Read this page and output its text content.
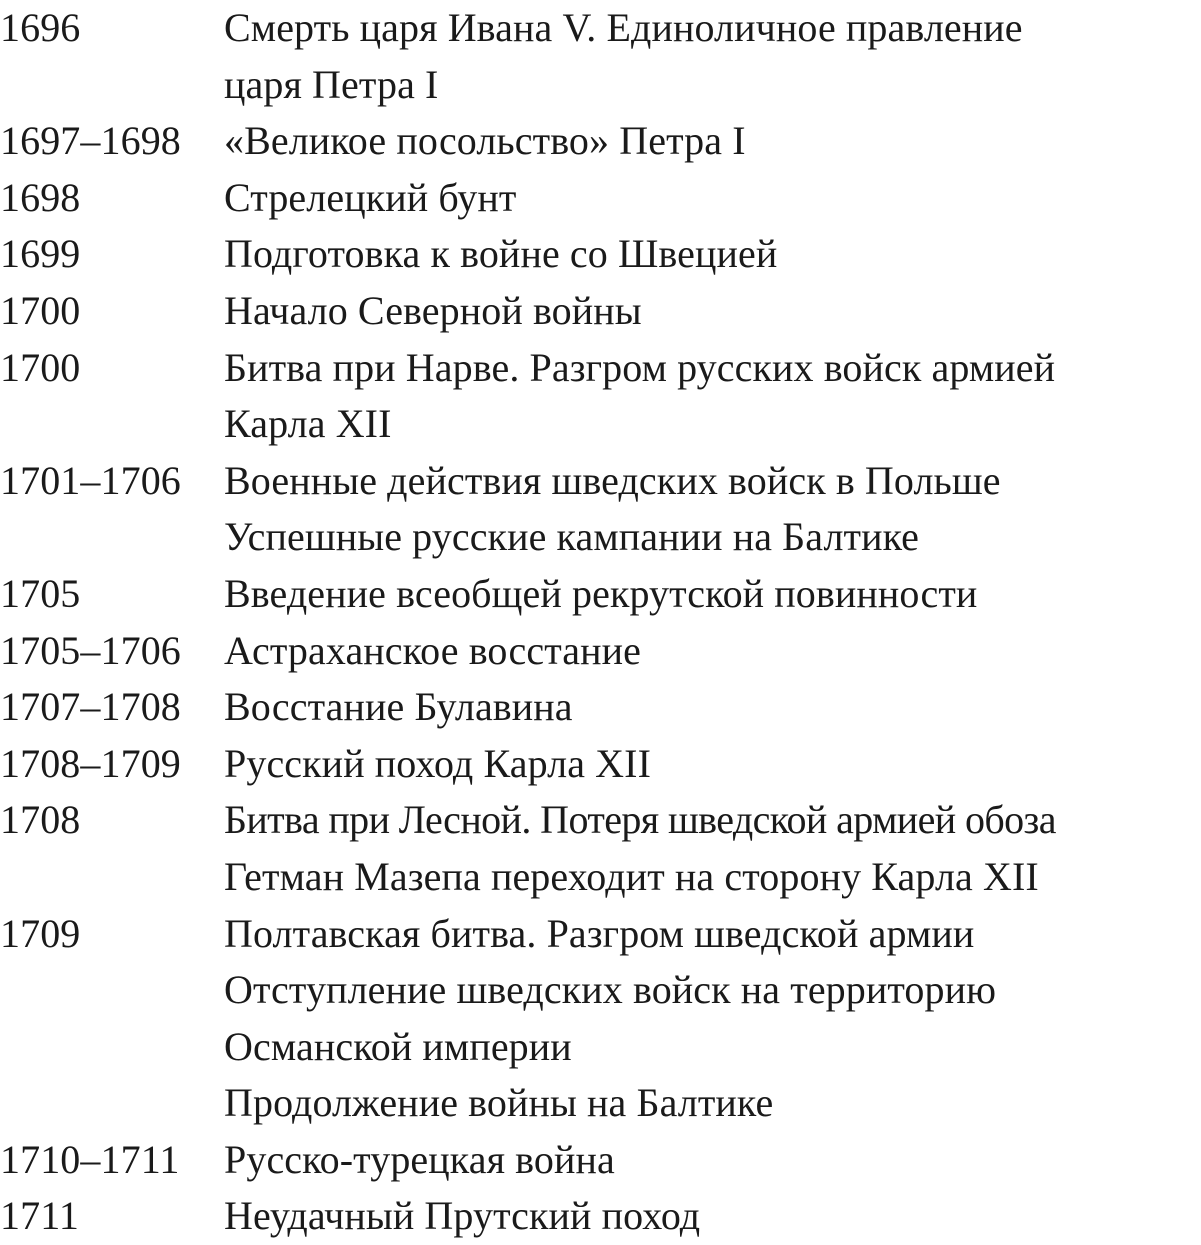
1696	Смерть царя Ивана V. Единоличное правление
царя Петра I
1697–1698 «Великое посольство» Петра I
1698	Стрелецкий бунт
1699	Подготовка к войне со Швецией
1700	Начало Северной войны
1700	Битва при Нарве. Разгром русских войск армией
Карла XII
1701–1706 Военные действия шведских войск в Польше
Успешные русские кампании на Балтике
1705	Введение всеобщей рекрутской повинности
1705–1706 Астраханское восстание
1707–1708 Восстание Булавина
1708–1709 Русский поход Карла XII
1708	Битва при Лесной. Потеря шведской армией обоза
Гетман Мазепа переходит на сторону Карла XII
1709	Полтавская битва. Разгром шведской армии
Отступление шведских войск на территорию
Османской империи
Продолжение войны на Балтике
1710–1711 Русско-турецкая война
1711	Неудачный Прутский поход
